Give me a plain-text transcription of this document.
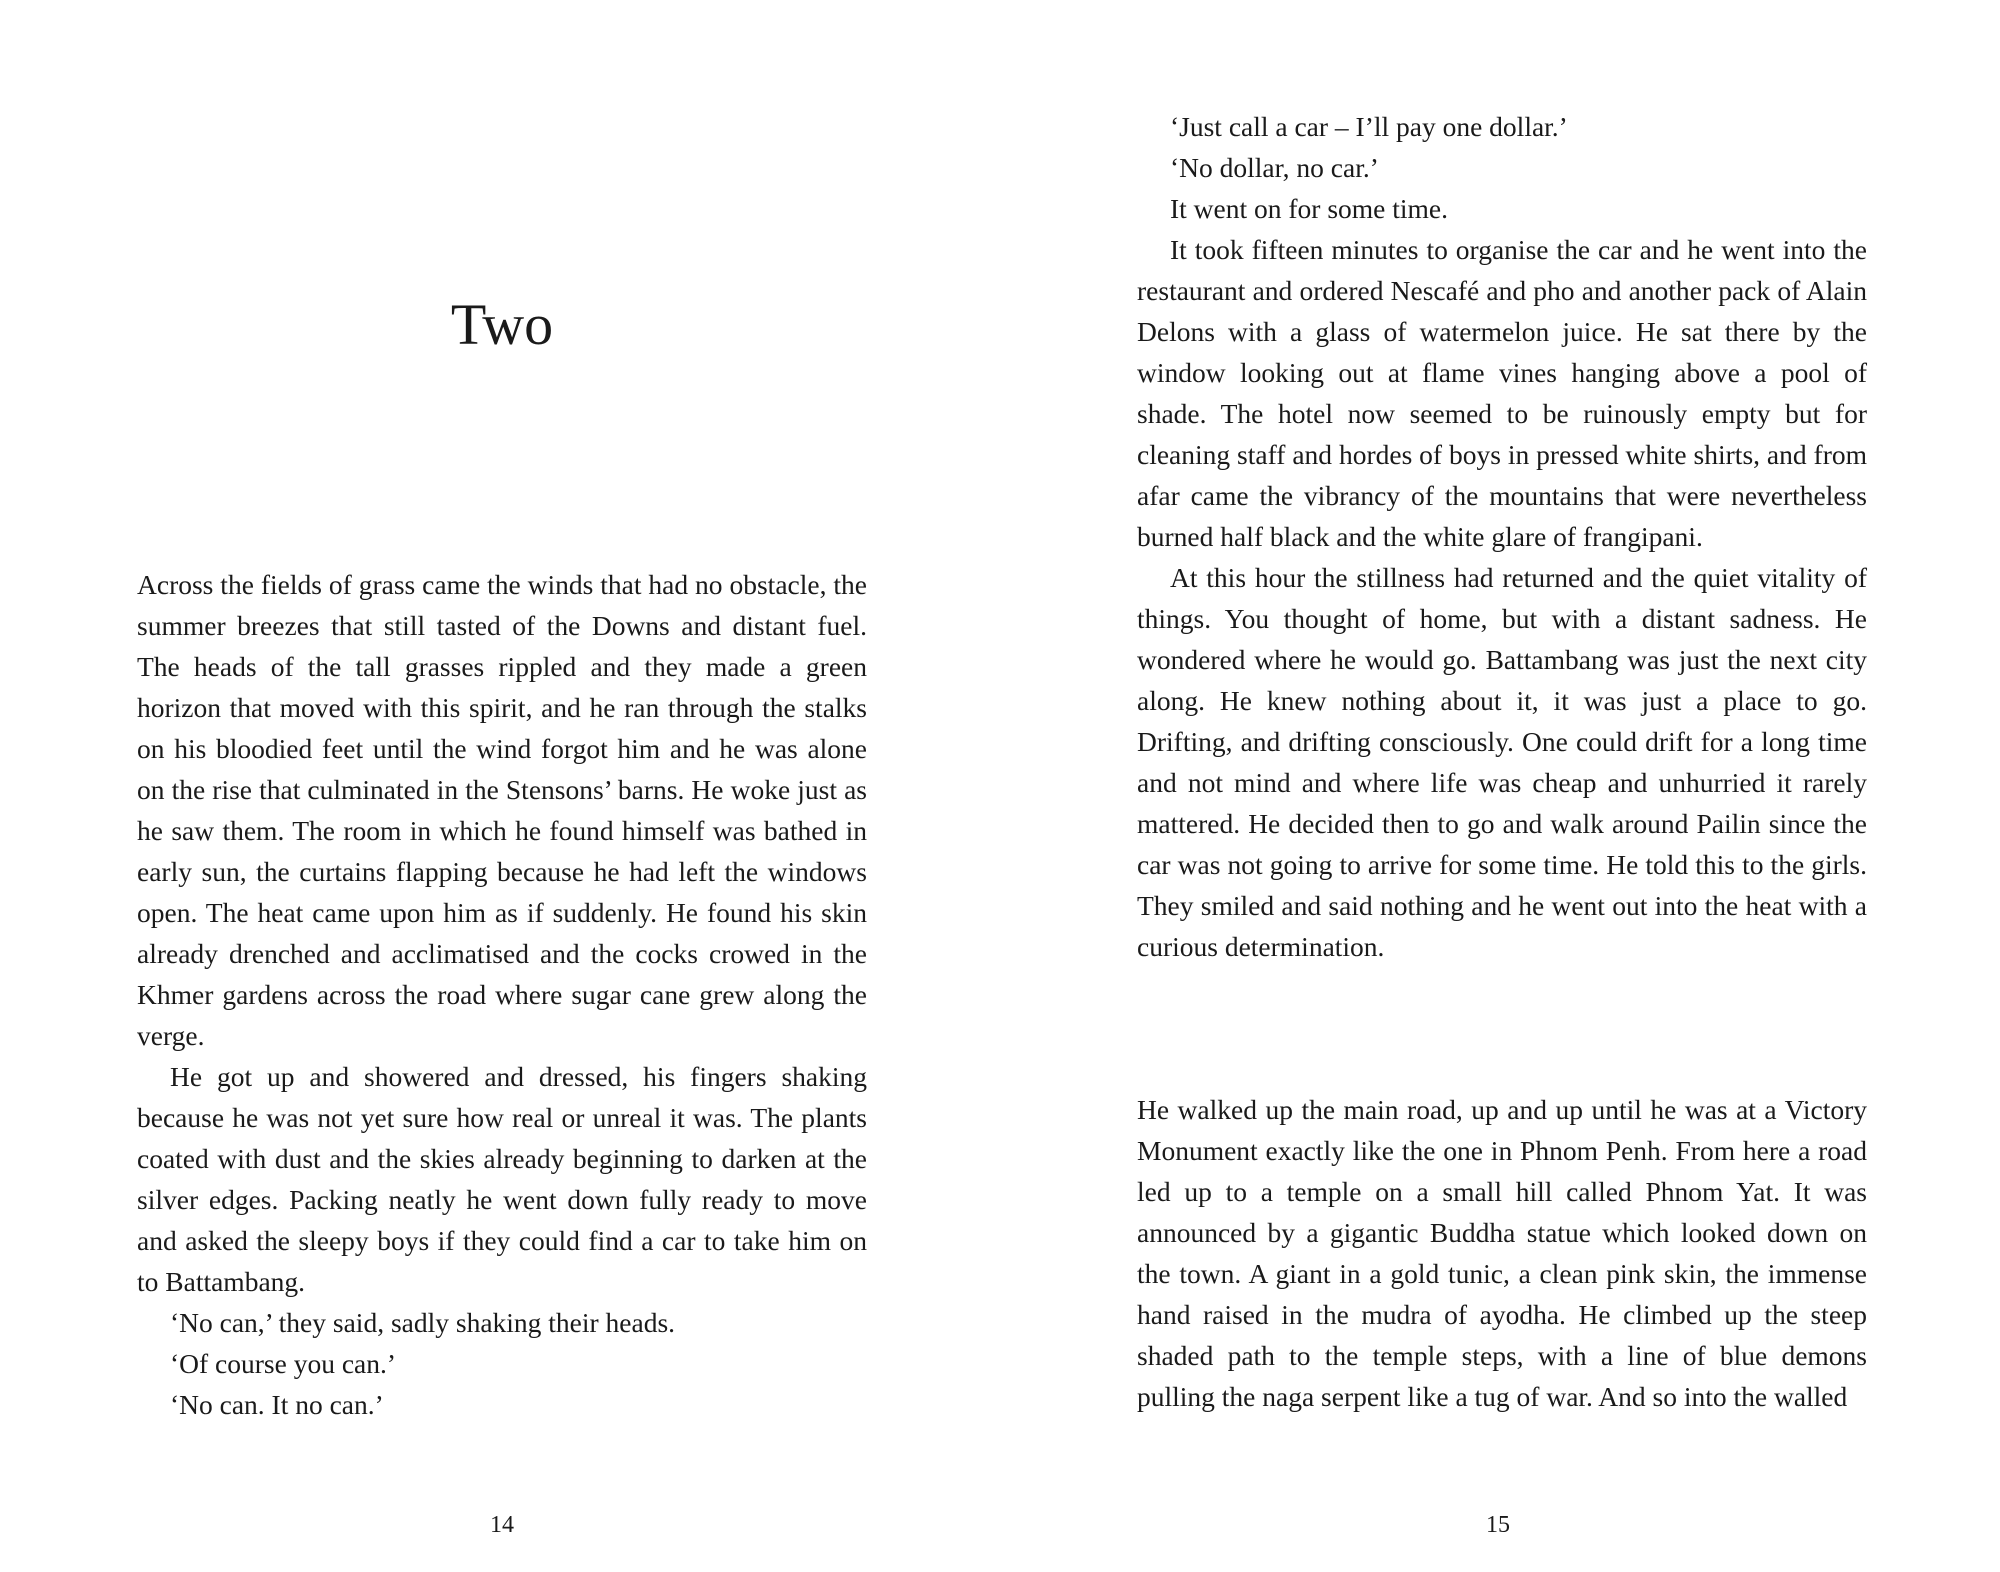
Two

Across the fields of grass came the winds that had no obstacle, the summer breezes that still tasted of the Downs and distant fuel. The heads of the tall grasses rippled and they made a green horizon that moved with this spirit, and he ran through the stalks on his bloodied feet until the wind forgot him and he was alone on the rise that culminated in the Stensons’ barns. He woke just as he saw them. The room in which he found himself was bathed in early sun, the curtains flapping because he had left the windows open. The heat came upon him as if suddenly. He found his skin already drenched and acclimatised and the cocks crowed in the Khmer gardens across the road where sugar cane grew along the verge.

He got up and showered and dressed, his fingers shaking because he was not yet sure how real or unreal it was. The plants coated with dust and the skies already beginning to darken at the silver edges. Packing neatly he went down fully ready to move and asked the sleepy boys if they could find a car to take him on to Battambang.

‘No can,’ they said, sadly shaking their heads.

‘Of course you can.’

‘No can. It no can.’

14

‘Just call a car – I’ll pay one dollar.’

‘No dollar, no car.’

It went on for some time.

It took fifteen minutes to organise the car and he went into the restaurant and ordered Nescafé and pho and another pack of Alain Delons with a glass of watermelon juice. He sat there by the window looking out at flame vines hanging above a pool of shade. The hotel now seemed to be ruinously empty but for cleaning staff and hordes of boys in pressed white shirts, and from afar came the vibrancy of the mountains that were nevertheless burned half black and the white glare of frangipani.

At this hour the stillness had returned and the quiet vitality of things. You thought of home, but with a distant sadness. He wondered where he would go. Battambang was just the next city along. He knew nothing about it, it was just a place to go. Drifting, and drifting consciously. One could drift for a long time and not mind and where life was cheap and unhurried it rarely mattered. He decided then to go and walk around Pailin since the car was not going to arrive for some time. He told this to the girls. They smiled and said nothing and he went out into the heat with a curious determination.

He walked up the main road, up and up until he was at a Victory Monument exactly like the one in Phnom Penh. From here a road led up to a temple on a small hill called Phnom Yat. It was announced by a gigantic Buddha statue which looked down on the town. A giant in a gold tunic, a clean pink skin, the immense hand raised in the mudra of ayodha. He climbed up the steep shaded path to the temple steps, with a line of blue demons pulling the naga serpent like a tug of war. And so into the walled

15
